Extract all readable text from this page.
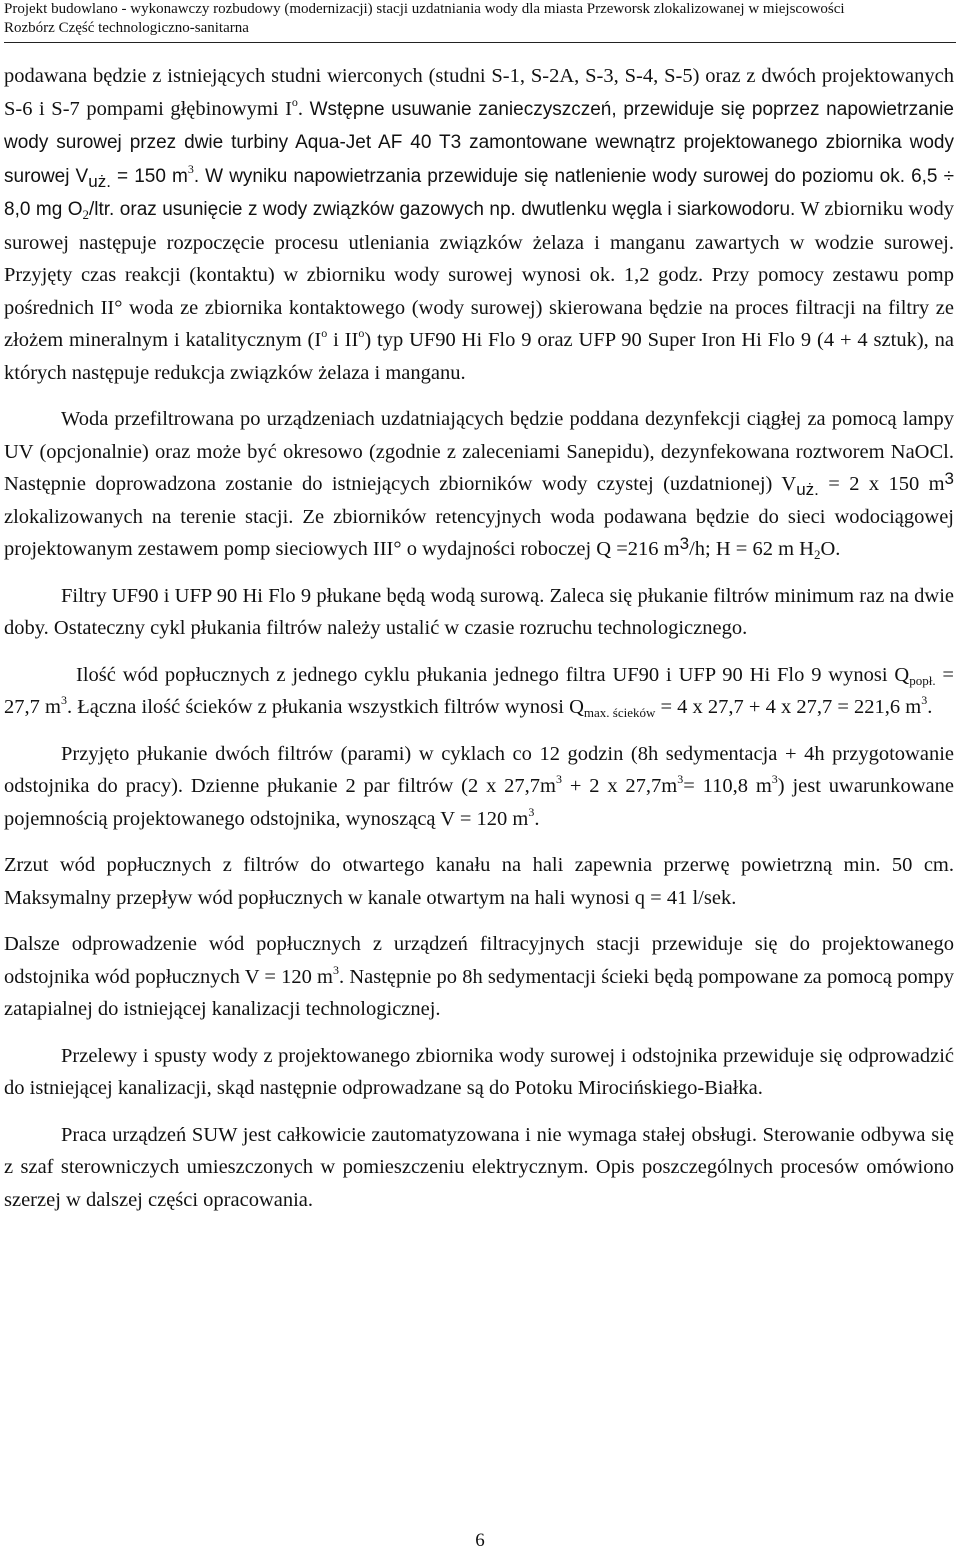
Projekt budowlano - wykonawczy rozbudowy (modernizacji) stacji uzdatniania wody dla miasta Przeworsk zlokalizowanej w miejscowości
Rozbórz Część technologiczno-sanitarna

podawana będzie z istniejących studni wierconych (studni S-1, S-2A, S-3, S-4, S-5) oraz z dwóch projektowanych S-6 i S-7 pompami głębinowymi $I^o$. Wstępne usuwanie zanieczyszczeń, przewiduje się poprzez napowietrzanie wody surowej przez dwie turbiny Aqua-Jet AF 40 T3 zamontowane wewnątrz projektowanego zbiornika wody surowej $V_{uż.} = 150$ $m^3$. W wyniku napowietrzania przewiduje się natlenienie wody surowej do poziomu ok. 6,5 ÷ 8,0 mg $O_2$/ltr. oraz usunięcie z wody związków gazowych np. dwutlenku węgla i siarkowodoru. W zbiorniku wody surowej następuje rozpoczęcie procesu utleniania związków żelaza i manganu zawartych w wodzie surowej. Przyjęty czas reakcji (kontaktu) w zbiorniku wody surowej wynosi ok. 1,2 godz. Przy pomocy zestawu pomp pośrednich II° woda ze zbiornika kontaktowego (wody surowej) skierowana będzie na proces filtracji na filtry ze złożem mineralnym i katalitycznym ($I^o$ i $II^o$) typ UF90 Hi Flo 9 oraz UFP 90 Super Iron Hi Flo 9 (4 + 4 sztuk), na których następuje redukcja związków żelaza i manganu.

Woda przefiltrowana po urządzeniach uzdatniających będzie poddana dezynfekcji ciągłej za pomocą lampy UV (opcjonalnie) oraz może być okresowo (zgodnie z zaleceniami Sanepidu), dezynfekowana roztworem NaOCl. Następnie doprowadzona zostanie do istniejących zbiorników wody czystej (uzdatnionej) $V_{uż.} = 2$ x 150 $m^3$ zlokalizowanych na terenie stacji. Ze zbiorników retencyjnych woda podawana będzie do sieci wodociągowej projektowanym zestawem pomp sieciowych III° o wydajności roboczej Q =216 $m^3/h$; H = 62 m $H_2O$.

Filtry UF90 i UFP 90 Hi Flo 9 płukane będą wodą surową. Zaleca się płukanie filtrów minimum raz na dwie doby. Ostateczny cykl płukania filtrów należy ustalić w czasie rozruchu technologicznego.

Ilość wód popłucznych z jednego cyklu płukania jednego filtra UF90 i UFP 90 Hi Flo 9 wynosi $Q_{popł.} = 27,7$ $m^3$. Łączna ilość ścieków z płukania wszystkich filtrów wynosi $Q_{max. ścieków} = 4$ x 27,7 + 4 x 27,7 = 221,6 $m^3$.

Przyjęto płukanie dwóch filtrów (parami) w cyklach co 12 godzin (8h sedymentacja + 4h przygotowanie odstojnika do pracy). Dzienne płukanie 2 par filtrów (2 x $27,7m^3 + 2$ x $27,7m^3= 110,8$ $m^3$) jest uwarunkowane pojemnością projektowanego odstojnika, wynoszącą V = 120 $m^3$.

Zrzut wód popłucznych z filtrów do otwartego kanału na hali zapewnia przerwę powietrzną min. 50 cm. Maksymalny przepływ wód popłucznych w kanale otwartym na hali wynosi q = 41 l/sek.

Dalsze odprowadzenie wód popłucznych z urządzeń filtracyjnych stacji przewiduje się do projektowanego odstojnika wód popłucznych V = 120 $m^3$. Następnie po 8h sedymentacji ścieki będą pompowane za pomocą pompy zatapialnej do istniejącej kanalizacji technologicznej.

Przelewy i spusty wody z projektowanego zbiornika wody surowej i odstojnika przewiduje się odprowadzić do istniejącej kanalizacji, skąd następnie odprowadzane są do Potoku Mirocińskiego-Białka.

Praca urządzeń SUW jest całkowicie zautomatyzowana i nie wymaga stałej obsługi. Sterowanie odbywa się z szaf sterowniczych umieszczonych w pomieszczeniu elektrycznym. Opis poszczególnych procesów omówiono szerzej w dalszej części opracowania.

6
